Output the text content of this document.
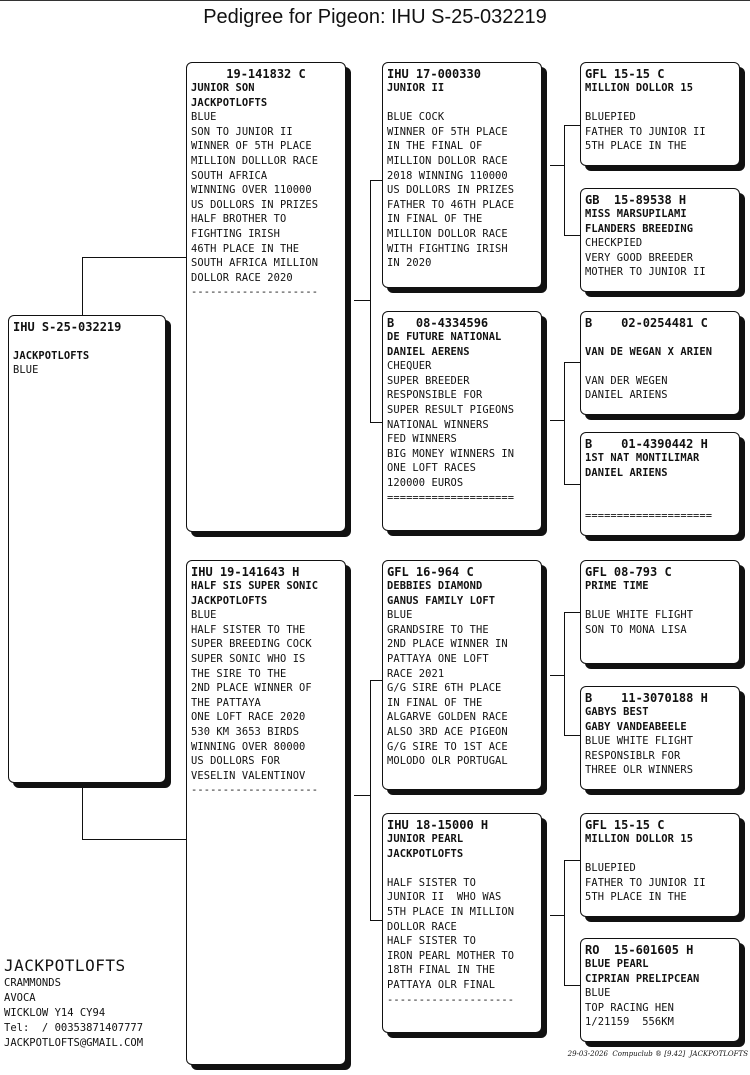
Pedigree for Pigeon: IHU S-25-032219
IHU S-25-032219
JACKPOTLOFTS
BLUE
19-141832 C
JUNIOR SON
JACKPOTLOFTS
BLUE
SON TO JUNIOR II
WINNER OF 5TH PLACE
MILLION DOLLLOR RACE
SOUTH AFRICA
WINNING OVER 110000
US DOLLORS IN PRIZES
HALF BROTHER TO
FIGHTING IRISH
46TH PLACE IN THE
SOUTH AFRICA MILLION
DOLLOR RACE 2020
--------------------
IHU 19-141643 H
HALF SIS SUPER SONIC
JACKPOTLOFTS
BLUE
HALF SISTER TO THE
SUPER BREEDING COCK
SUPER SONIC WHO IS
THE SIRE TO THE
2ND PLACE WINNER OF
THE PATTAYA
ONE LOFT RACE 2020
530 KM 3653 BIRDS
WINNING OVER 80000
US DOLLORS FOR
VESELIN VALENTINOV
--------------------
IHU 17-000330
JUNIOR II
BLUE COCK
WINNER OF 5TH PLACE
IN THE FINAL OF
MILLION DOLLOR RACE
2018 WINNING 110000
US DOLLORS IN PRIZES
FATHER TO 46TH PLACE
IN FINAL OF THE
MILLION DOLLOR RACE
WITH FIGHTING IRISH
IN 2020
B   08-4334596
DE FUTURE NATIONAL
DANIEL AERENS
CHEQUER
SUPER BREEDER
RESPONSIBLE FOR
SUPER RESULT PIGEONS
NATIONAL WINNERS
FED WINNERS
BIG MONEY WINNERS IN
ONE LOFT RACES
120000 EUROS
====================
GFL 16-964 C
DEBBIES DIAMOND
GANUS FAMILY LOFT
BLUE
GRANDSIRE TO THE
2ND PLACE WINNER IN
PATTAYA ONE LOFT
RACE 2021
G/G SIRE 6TH PLACE
IN FINAL OF THE
ALGARVE GOLDEN RACE
ALSO 3RD ACE PIGEON
G/G SIRE TO 1ST ACE
MOLODO OLR PORTUGAL
IHU 18-15000 H
JUNIOR PEARL
JACKPOTLOFTS
HALF SISTER TO
JUNIOR II  WHO WAS
5TH PLACE IN MILLION
DOLLOR RACE
HALF SISTER TO
IRON PEARL MOTHER TO
18TH FINAL IN THE
PATTAYA OLR FINAL
--------------------
GFL 15-15 C
MILLION DOLLOR 15
BLUEPIED
FATHER TO JUNIOR II
5TH PLACE IN THE
GB  15-89538 H
MISS MARSUPILAMI
FLANDERS BREEDING
CHECKPIED
VERY GOOD BREEDER
MOTHER TO JUNIOR II
B    02-0254481 C
VAN DE WEGAN X ARIEN
VAN DER WEGEN
DANIEL ARIENS
B    01-4390442 H
1ST NAT MONTILIMAR
DANIEL ARIENS
====================
GFL 08-793 C
PRIME TIME
BLUE WHITE FLIGHT
SON TO MONA LISA
B    11-3070188 H
GABYS BEST
GABY VANDEABEELE
BLUE WHITE FLIGHT
RESPONSIBLR FOR
THREE OLR WINNERS
GFL 15-15 C
MILLION DOLLOR 15
BLUEPIED
FATHER TO JUNIOR II
5TH PLACE IN THE
RO  15-601605 H
BLUE PEARL
CIPRIAN PRELIPCEAN
BLUE
TOP RACING HEN
1/21159  556KM
JACKPOTLOFTS
CRAMMONDS
AVOCA
WICKLOW Y14 CY94
Tel:  / 00353871407777
JACKPOTLOFTS@GMAIL.COM
29-03-2026  Compuclub ® [9.42]  JACKPOTLOFTS
